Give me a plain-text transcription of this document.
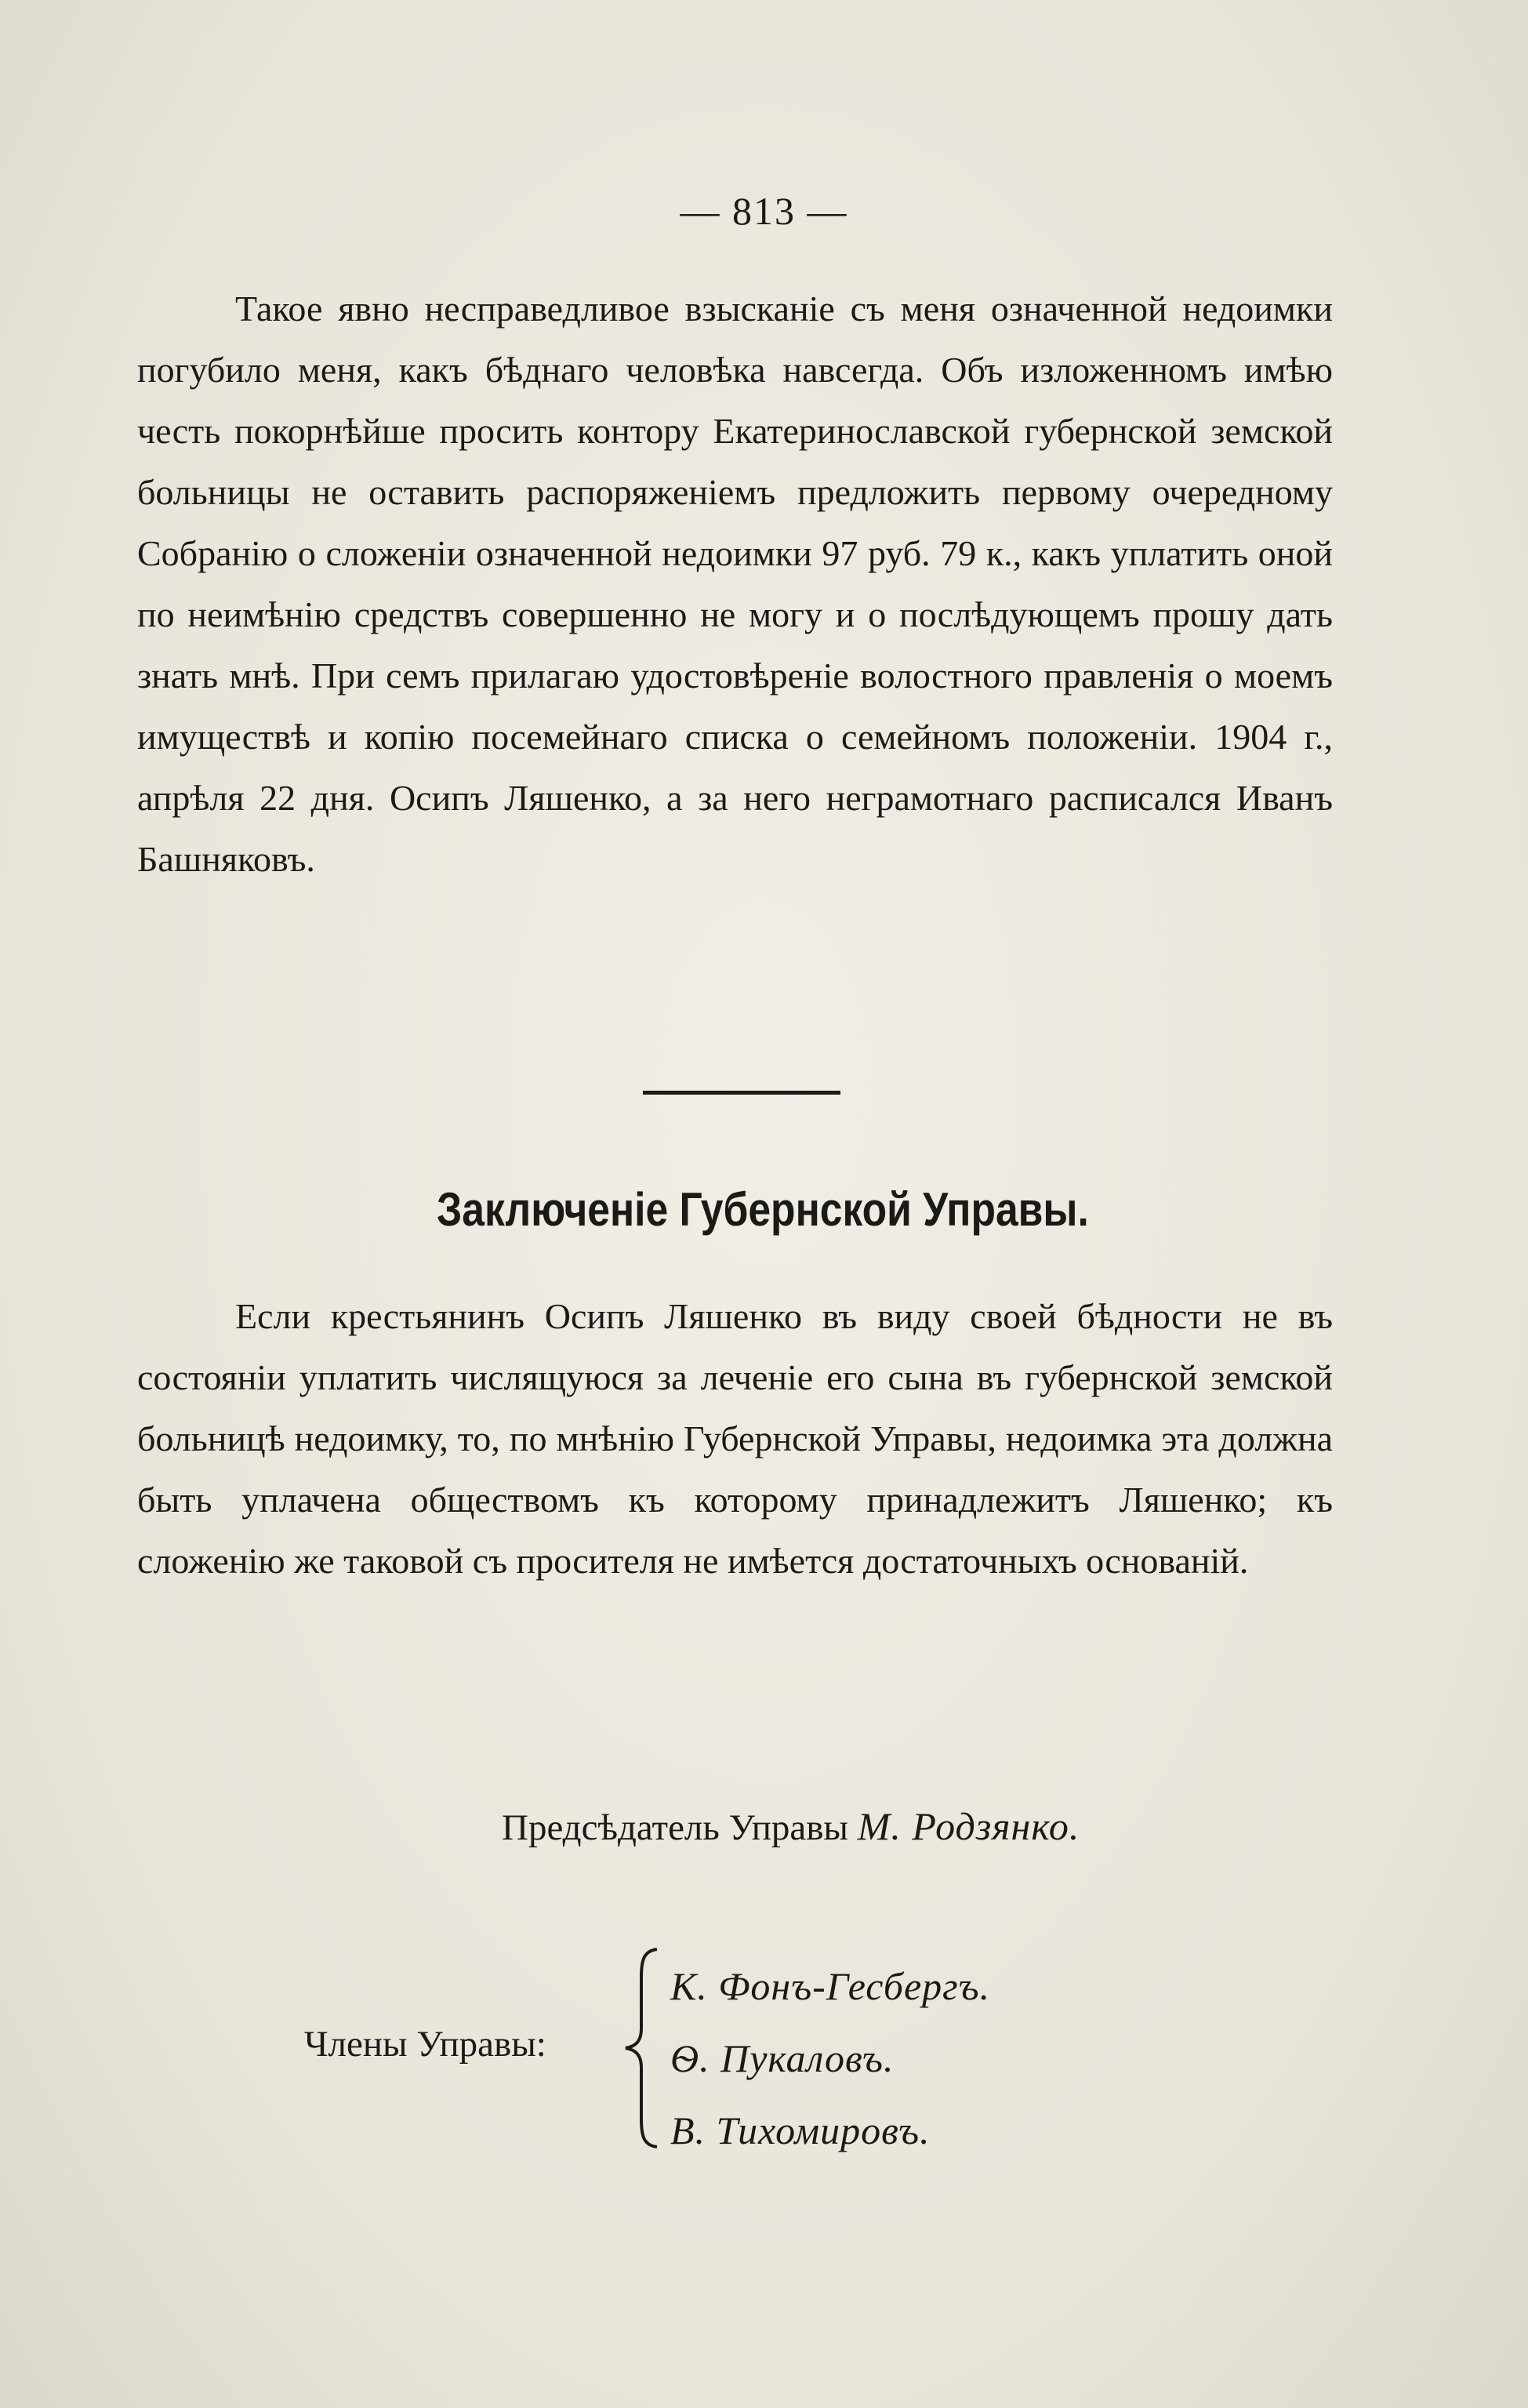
— 813 —

Такое явно несправедливое взысканіе съ меня означенной недоимки погубило меня, какъ бѣднаго человѣка навсегда. Объ изложенномъ имѣю честь покорнѣйше просить контору Екатеринославской губернской земской больницы не оставить распоряженіемъ предложить первому очередному Собранію о сложеніи означенной недоимки 97 руб. 79 к., какъ уплатить оной по неимѣнію средствъ совершенно не могу и о послѣдующемъ прошу дать знать мнѣ. При семъ прилагаю удостовѣреніе волостного правленія о моемъ имуществѣ и копію посемейнаго списка о семейномъ положеніи. 1904 г., апрѣля 22 дня. Осипъ Ляшенко, а за него неграмотнаго расписался Иванъ Башняковъ.

Заключеніе Губернской Управы.

Если крестьянинъ Осипъ Ляшенко въ виду своей бѣдности не въ состояніи уплатить числящуюся за леченіе его сына въ губернской земской больницѣ недоимку, то, по мнѣнію Губернской Управы, недоимка эта должна быть уплачена обществомъ къ которому принадлежитъ Ляшенко; къ сложенію же таковой съ просителя не имѣется достаточныхъ основаній.

Предсѣдатель Управы М. Родзянко.
Члены Управы:
К. Фонъ-Гесбергъ.
Ѳ. Пукаловъ.
В. Тихомировъ.
